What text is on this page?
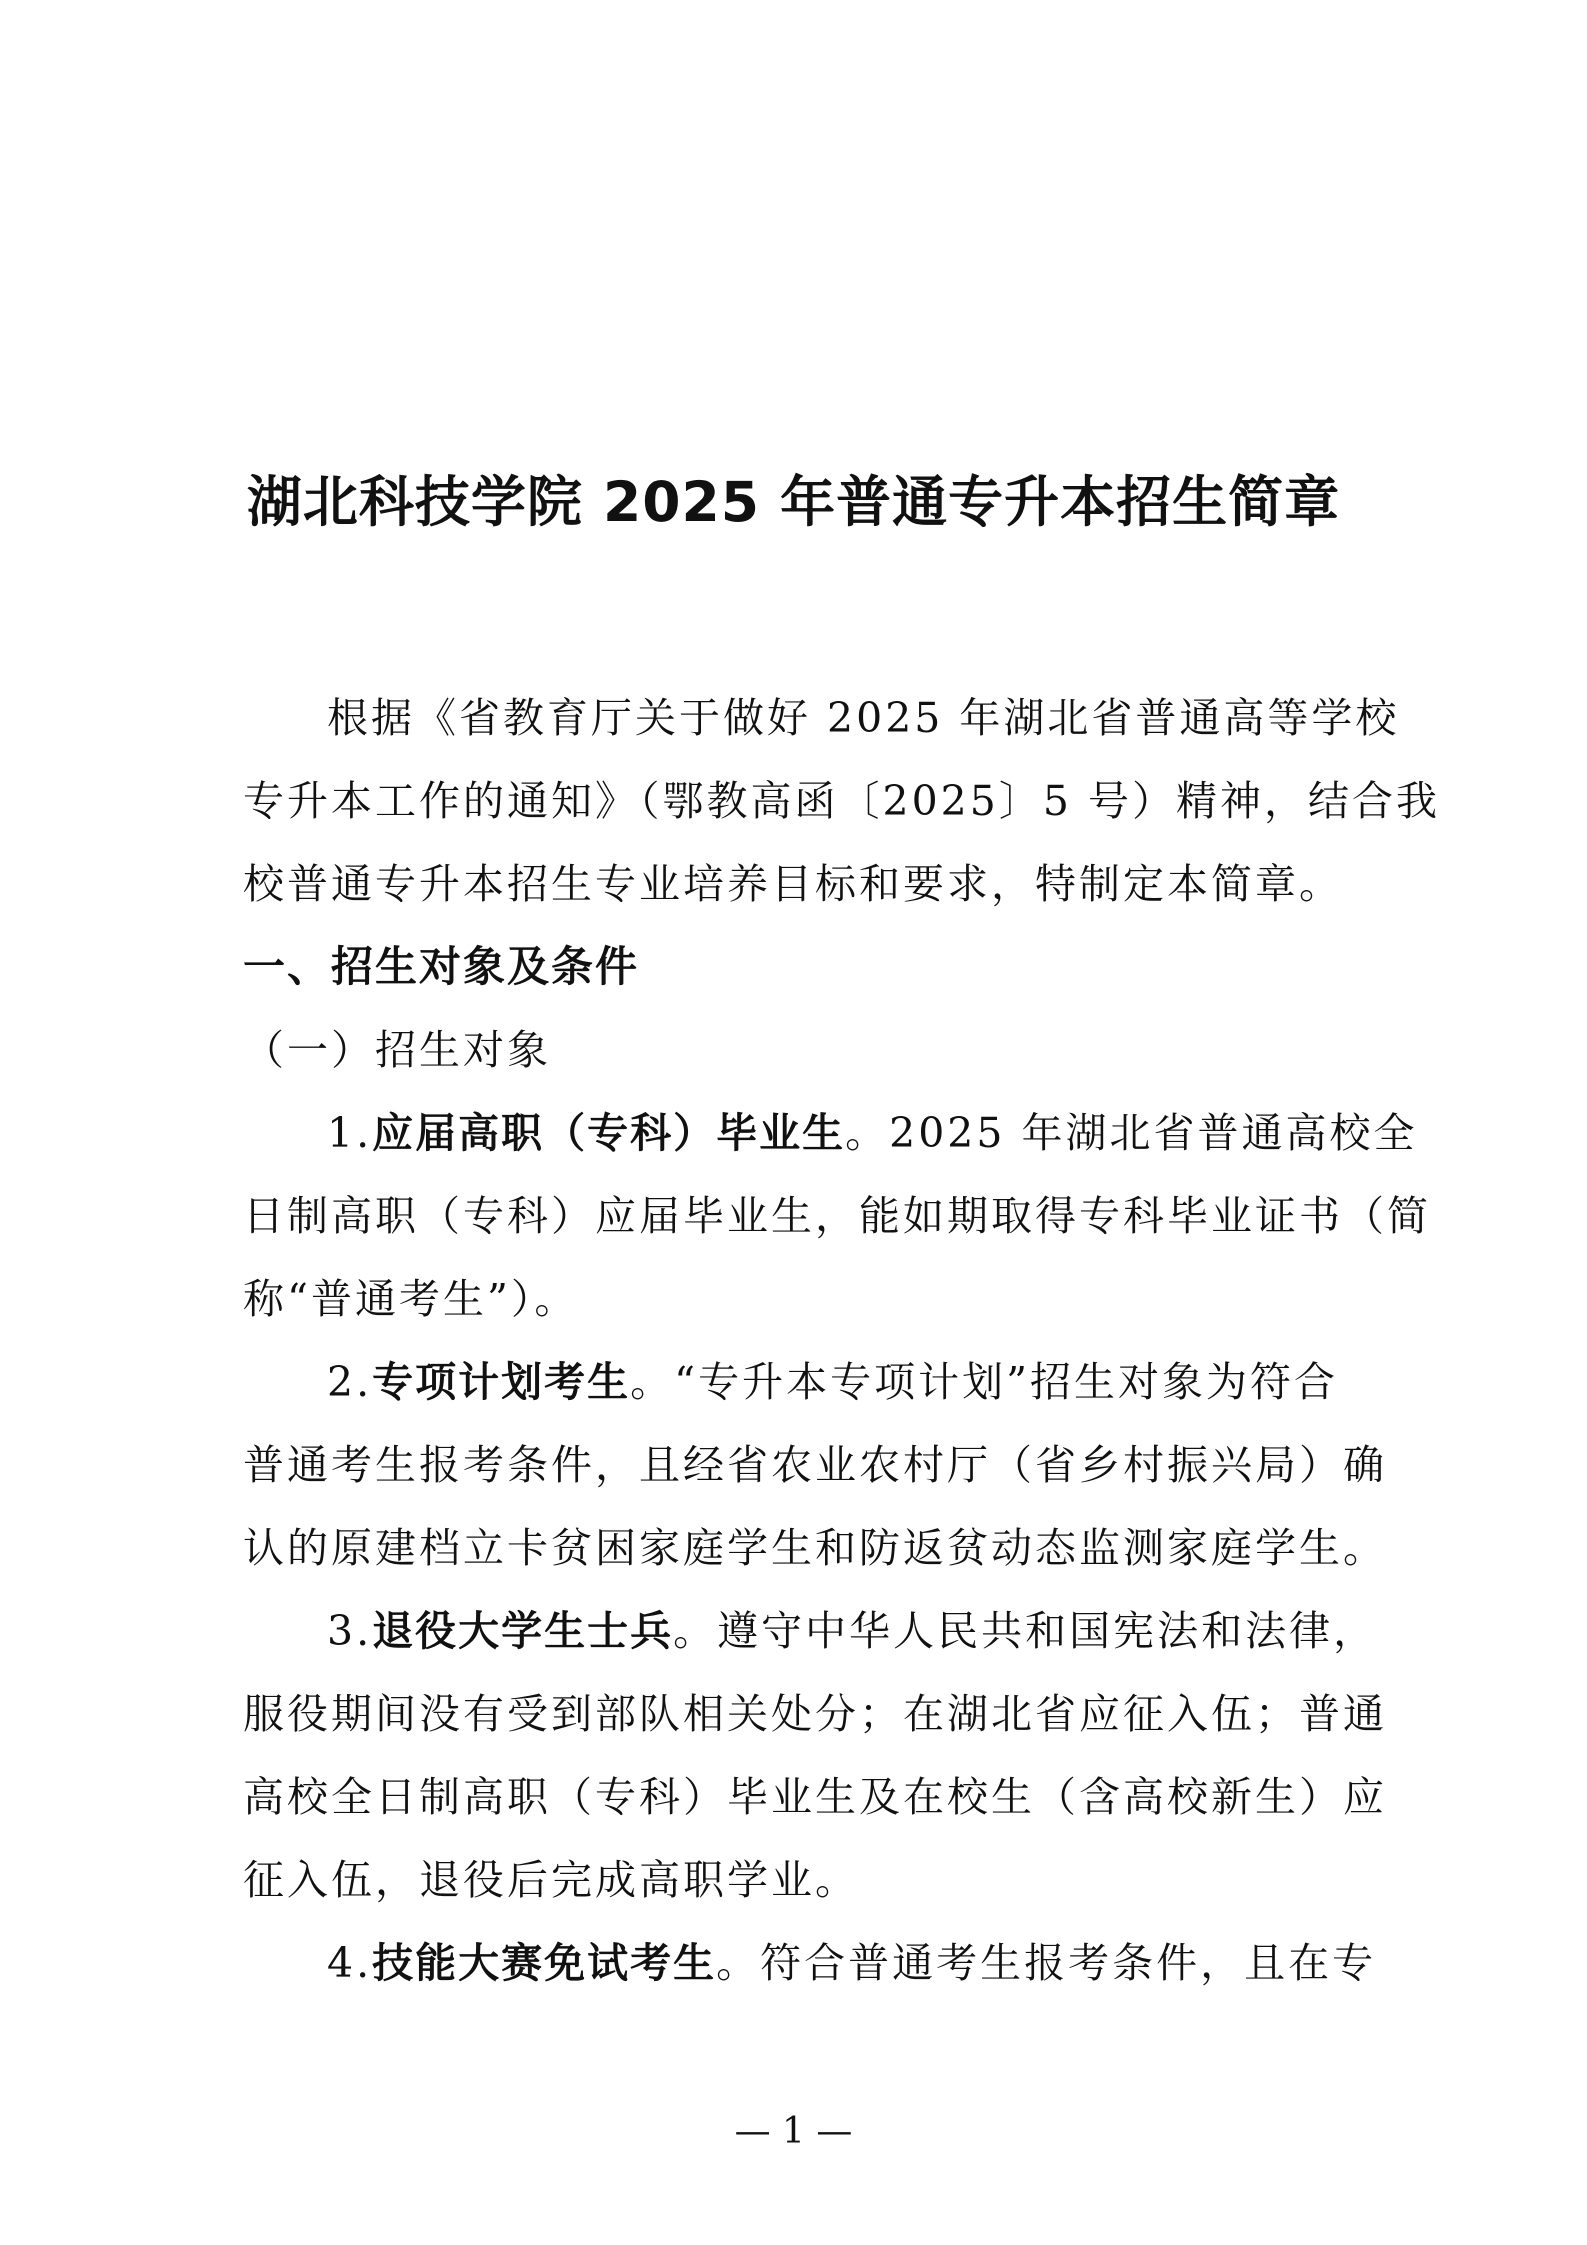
湖北科技学院 2025 年普通专升本招生简章
根据《省教育厅关于做好 2025 年湖北省普通高等学校
专升本工作的通知》（鄂教高函〔2025〕5 号）精神，结合我
校普通专升本招生专业培养目标和要求，特制定本简章。
一、招生对象及条件
（一）招生对象
1.应届高职（专科）毕业生。2025 年湖北省普通高校全
日制高职（专科）应届毕业生，能如期取得专科毕业证书（简
称“普通考生”）。
2.专项计划考生。“专升本专项计划”招生对象为符合
普通考生报考条件，且经省农业农村厅（省乡村振兴局）确
认的原建档立卡贫困家庭学生和防返贫动态监测家庭学生。
3.退役大学生士兵。遵守中华人民共和国宪法和法律，
服役期间没有受到部队相关处分；在湖北省应征入伍；普通
高校全日制高职（专科）毕业生及在校生（含高校新生）应
征入伍，退役后完成高职学业。
4.技能大赛免试考生。符合普通考生报考条件，且在专
— 1 —
